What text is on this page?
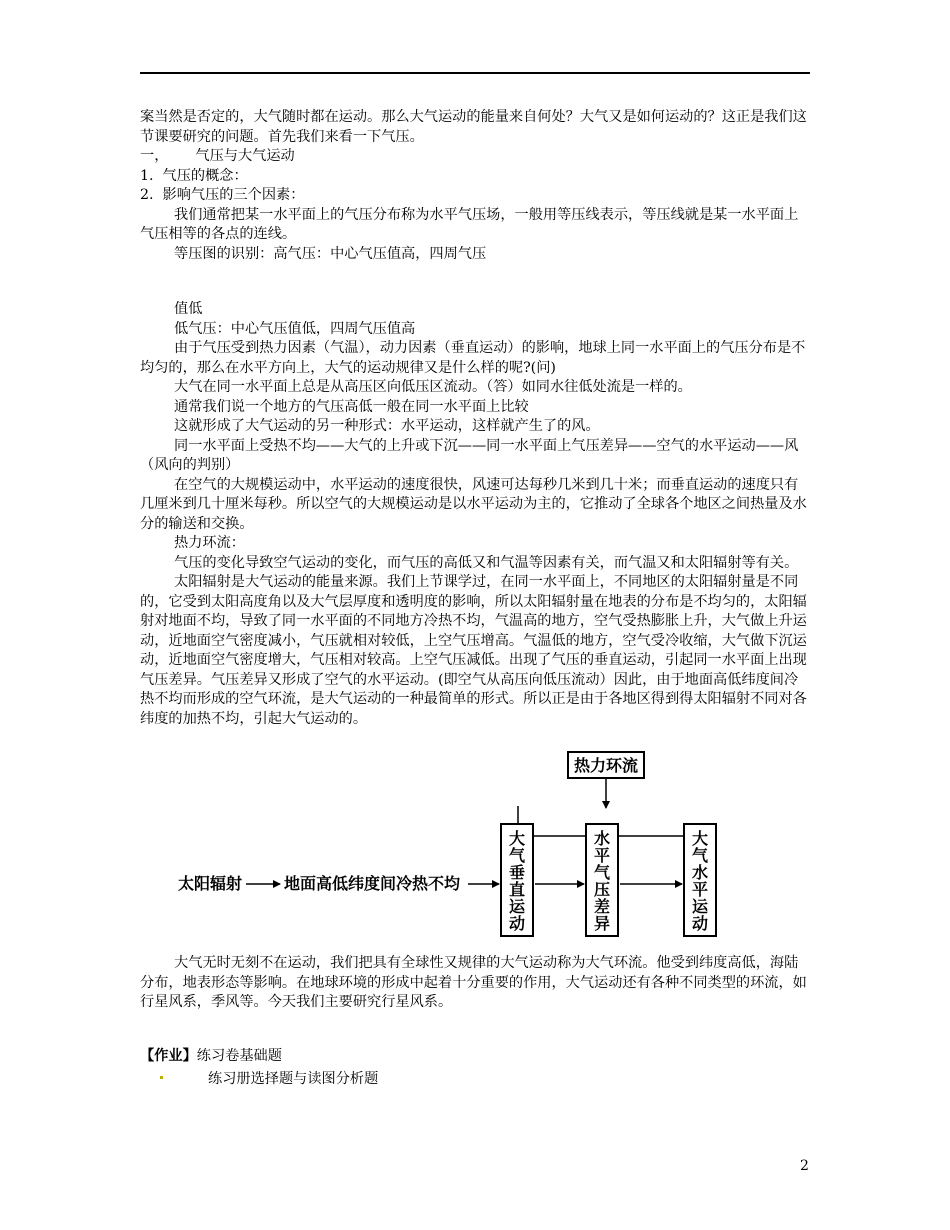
案当然是否定的，大气随时都在运动。那么大气运动的能量来自何处？大气又是如何运动的？这正是我们这节课要研究的问题。首先我们来看一下气压。

一，      气压与大气运动

1.  气压的概念：

2.  影响气压的三个因素：

我们通常把某一水平面上的气压分布称为水平气压场，一般用等压线表示，等压线就是某一水平面上气压相等的各点的连线。

等压图的识别：高气压：中心气压值高，四周气压

值低

低气压：中心气压值低，四周气压值高

由于气压受到热力因素（气温），动力因素（垂直运动）的影响，地球上同一水平面上的气压分布是不均匀的，那么在水平方向上，大气的运动规律又是什么样的呢?(问)

大气在同一水平面上总是从高压区向低压区流动。（答）如同水往低处流是一样的。

通常我们说一个地方的气压高低一般在同一水平面上比较

这就形成了大气运动的另一种形式：水平运动，这样就产生了的风。

同一水平面上受热不均——大气的上升或下沉——同一水平面上气压差异——空气的水平运动——风（风向的判别）

在空气的大规模运动中，水平运动的速度很快，风速可达每秒几米到几十米；而垂直运动的速度只有几厘米到几十厘米每秒。所以空气的大规模运动是以水平运动为主的，它推动了全球各个地区之间热量及水分的输送和交换。

热力环流：

气压的变化导致空气运动的变化，而气压的高低又和气温等因素有关，而气温又和太阳辐射等有关。

太阳辐射是大气运动的能量来源。我们上节课学过，在同一水平面上，不同地区的太阳辐射量是不同的，它受到太阳高度角以及大气层厚度和透明度的影响，所以太阳辐射量在地表的分布是不均匀的，太阳辐射对地面不均，导致了同一水平面的不同地方冷热不均，气温高的地方，空气受热膨胀上升，大气做上升运动，近地面空气密度减小，气压就相对较低，上空气压增高。气温低的地方，空气受冷收缩，大气做下沉运动，近地面空气密度增大，气压相对较高。上空气压减低。出现了气压的垂直运动，引起同一水平面上出现气压差异。气压差异又形成了空气的水平运动。(即空气从高压向低压流动）因此，由于地面高低纬度间冷热不均而形成的空气环流，是大气运动的一种最简单的形式。所以正是由于各地区得到得太阳辐射不同对各纬度的加热不均，引起大气运动的。

热力环流
大
气
垂
直
运
动
水
平
气
压
差
异
大
气
水
平
运
动
太阳辐射	地面高低纬度间冷热不均

大气无时无刻不在运动，我们把具有全球性又规律的大气运动称为大气环流。他受到纬度高低，海陆分布，地表形态等影响。在地球环境的形成中起着十分重要的作用，大气运动还有各种不同类型的环流，如行星风系，季风等。今天我们主要研究行星风系。

【作业】练习卷基础题

练习册选择题与读图分析题

2
